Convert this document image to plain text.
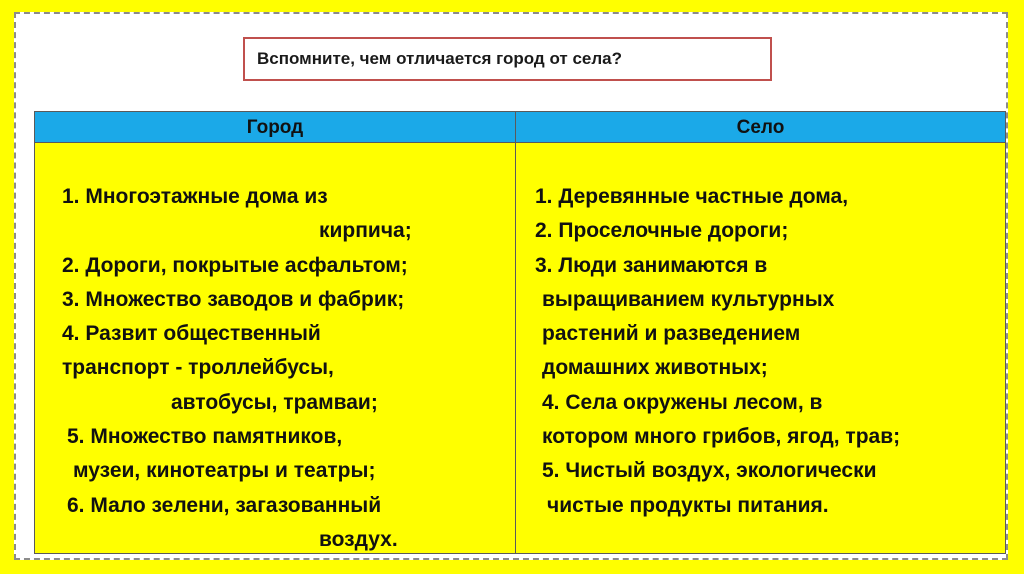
Вспомните, чем отличается город от села?
Город	Село
1. Многоэтажные дома из
кирпича;
2. Дороги, покрытые асфальтом;
3. Множество заводов и фабрик;
4. Развит общественный
транспорт - троллейбусы,
автобусы, трамваи;
5. Множество памятников,
музеи, кинотеатры и театры;
6. Мало зелени, загазованный
воздух.
1. Деревянные частные дома,
2. Проселочные дороги;
3. Люди занимаются в
выращиванием культурных
растений и разведением
домашних животных;
4. Села окружены лесом, в
котором много грибов, ягод, трав;
5. Чистый воздух, экологически
чистые продукты питания.
